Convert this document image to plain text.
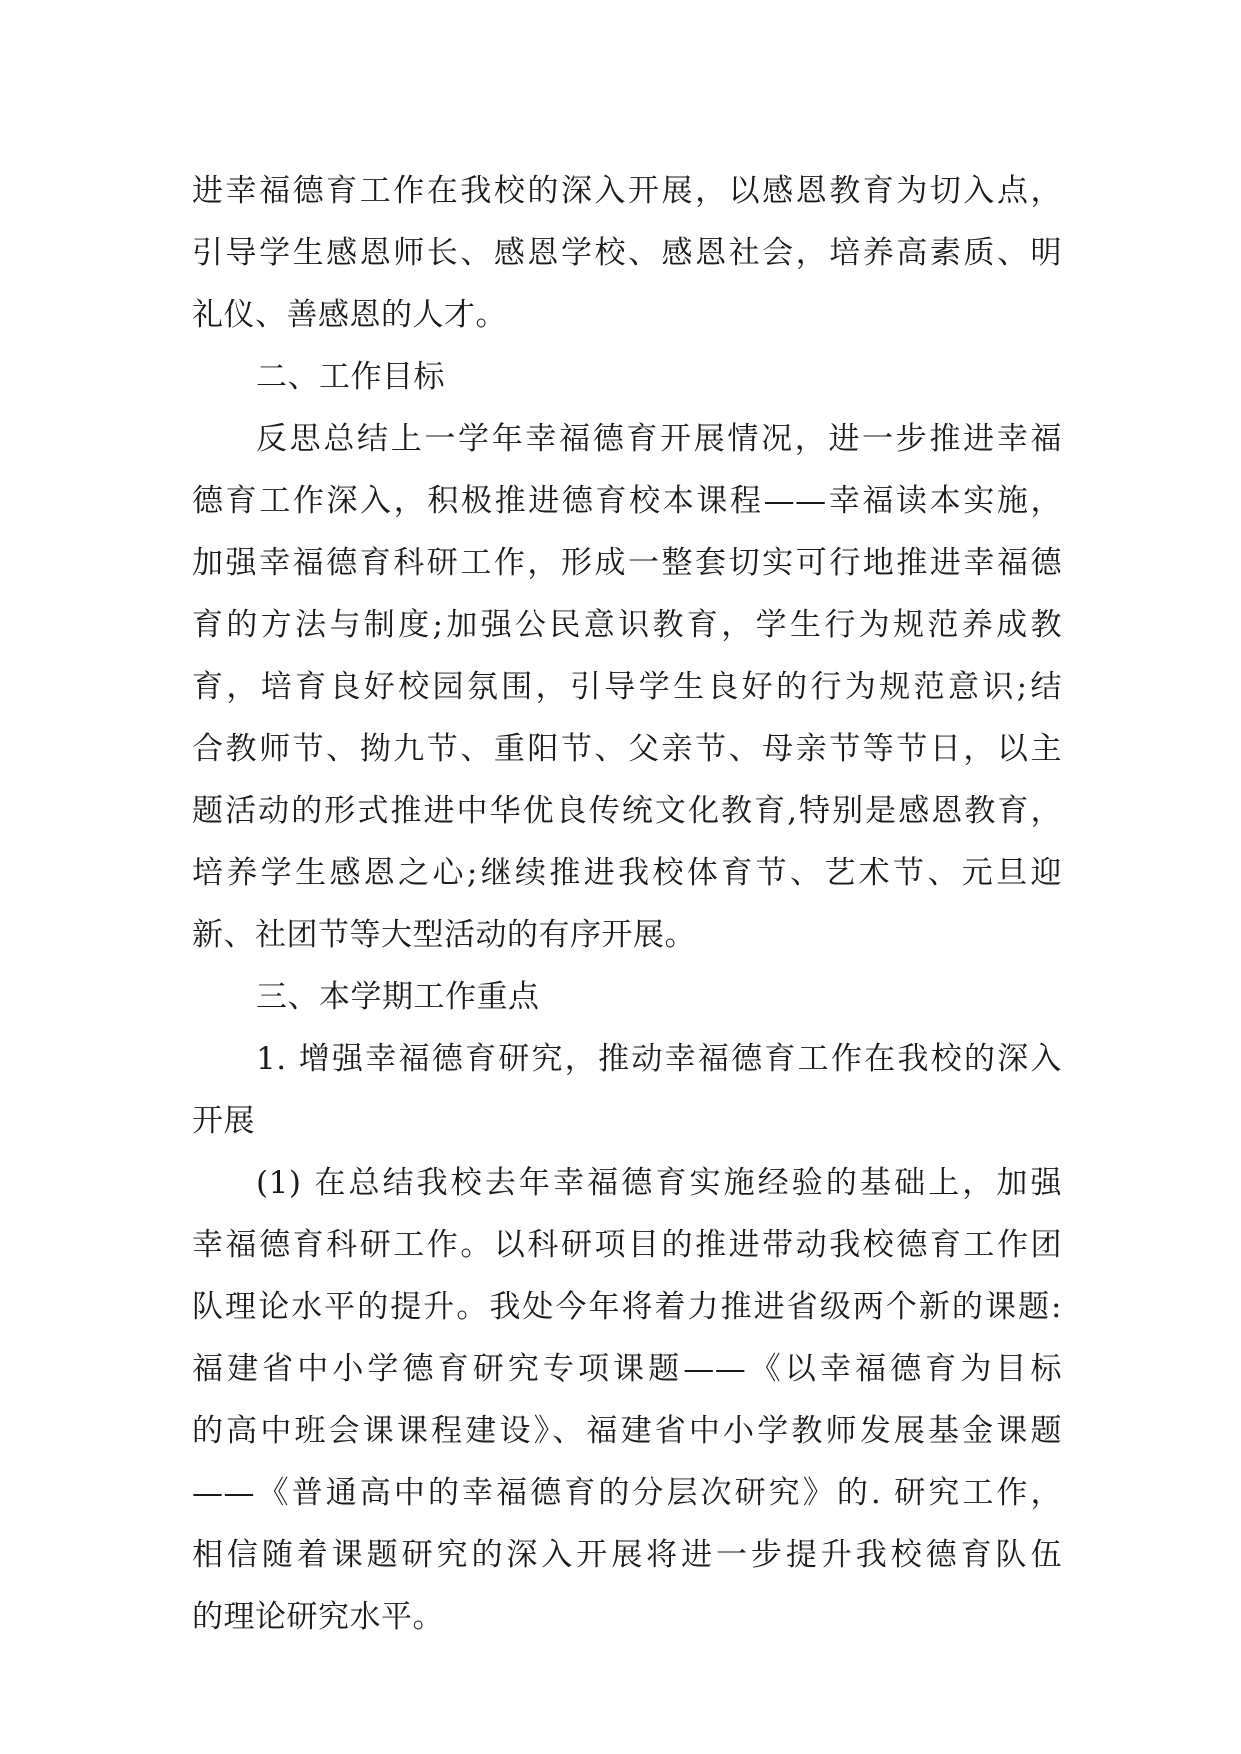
进幸福德育工作在我校的深入开展，以感恩教育为切入点，
引导学生感恩师长、感恩学校、感恩社会，培养高素质、明
礼仪、善感恩的人才。
二、工作目标
反思总结上一学年幸福德育开展情况，进一步推进幸福
德育工作深入，积极推进德育校本课程——幸福读本实施，
加强幸福德育科研工作，形成一整套切实可行地推进幸福德
育的方法与制度;加强公民意识教育，学生行为规范养成教
育，培育良好校园氛围，引导学生良好的行为规范意识;结
合教师节、拗九节、重阳节、父亲节、母亲节等节日，以主
题活动的形式推进中华优良传统文化教育,特别是感恩教育，
培养学生感恩之心;继续推进我校体育节、艺术节、元旦迎
新、社团节等大型活动的有序开展。
三、本学期工作重点
1. 增强幸福德育研究，推动幸福德育工作在我校的深入
开展
(1) 在总结我校去年幸福德育实施经验的基础上，加强
幸福德育科研工作。以科研项目的推进带动我校德育工作团
队理论水平的提升。我处今年将着力推进省级两个新的课题:
福建省中小学德育研究专项课题——《以幸福德育为目标
的高中班会课课程建设》、福建省中小学教师发展基金课题
——《普通高中的幸福德育的分层次研究》的. 研究工作，
相信随着课题研究的深入开展将进一步提升我校德育队伍
的理论研究水平。
